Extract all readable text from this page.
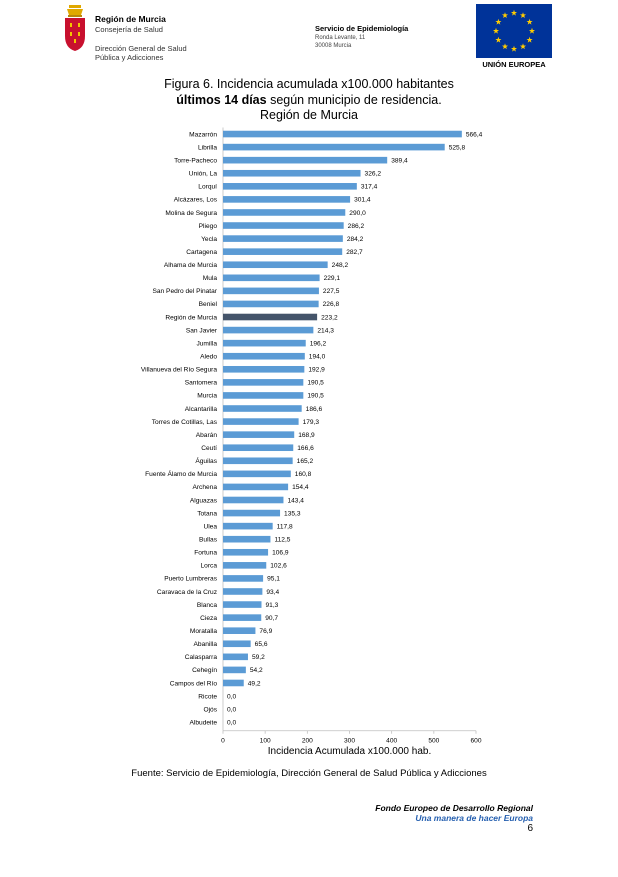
Región de Murcia
Consejería de Salud
Dirección General de Salud
Pública y Adicciones
Servicio de Epidemiología
Ronda Levante, 11
30008 Murcia
UNIÓN EUROPEA
Figura 6. Incidencia acumulada x100.000 habitantes
últimos 14 días según municipio de residencia.
Región de Murcia
0	100	200	300	400	500	600
Mazarrón	566,4
Librilla	525,8
Torre-Pacheco	389,4
Unión, La	326,2
Lorquí	317,4
Alcázares, Los	301,4
Molina de Segura	290,0
Pliego	286,2
Yecla	284,2
Cartagena	282,7
Alhama de Murcia	248,2
Mula	229,1
San Pedro del Pinatar	227,5
Beniel	226,8
Región de Murcia	223,2
San Javier	214,3
Jumilla	196,2
Aledo	194,0
Villanueva del Río Segura	192,9
Santomera	190,5
Murcia	190,5
Alcantarilla	186,6
Torres de Cotillas, Las	179,3
Abarán	168,9
Ceutí	166,6
Águilas	165,2
Fuente Álamo de Murcia	160,8
Archena	154,4
Alguazas	143,4
Totana	135,3
Ulea	117,8
Bullas	112,5
Fortuna	106,9
Lorca	102,6
Puerto Lumbreras	95,1
Caravaca de la Cruz	93,4
Blanca	91,3
Cieza	90,7
Moratalla	76,9
Abanilla	65,6
Calasparra	59,2
Cehegín	54,2
Campos del Río	49,2
Ricote 0,0
Ojós 0,0
Albudeite 0,0
Incidencia Acumulada x100.000 hab.
Fuente: Servicio de Epidemiología, Dirección General de Salud Pública y Adicciones
Fondo Europeo de Desarrollo Regional
Una manera de hacer Europa
6
